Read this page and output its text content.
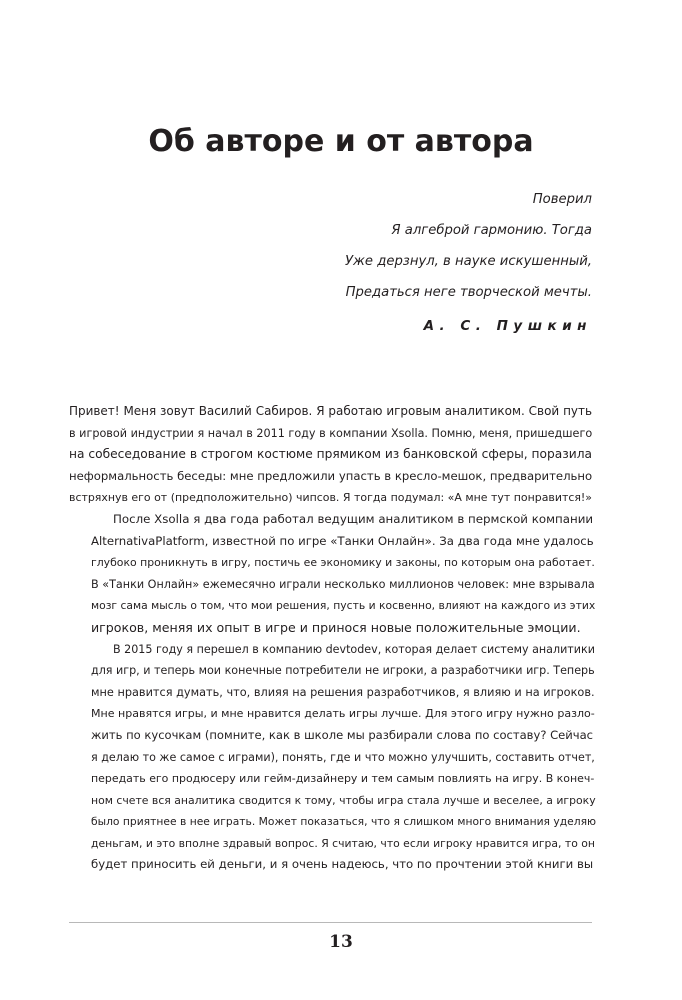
Об авторе и от автора
Поверил
Я алгеброй гармонию. Тогда
Уже дерзнул, в науке искушенный,
Предаться неге творческой мечты.
А. С. Пушкин
Привет! Меня зовут Василий Сабиров. Я работаю игровым аналитиком. Свой путь
в игровой индустрии я начал в 2011 году в компании Xsolla. Помню, меня, пришедшего
на собеседование в строгом костюме прямиком из банковской сферы, поразила
неформальность беседы: мне предложили упасть в кресло-мешок, предварительно
встряхнув его от (предположительно) чипсов. Я тогда подумал: «А мне тут понравится!»
После Xsolla я два года работал ведущим аналитиком в пермской компании
AlternativaPlatform, известной по игре «Танки Онлайн». За два года мне удалось
глубоко проникнуть в игру, постичь ее экономику и законы, по которым она работает.
В «Танки Онлайн» ежемесячно играли несколько миллионов человек: мне взрывала
мозг сама мысль о том, что мои решения, пусть и косвенно, влияют на каждого из этих
игроков, меняя их опыт в игре и принося новые положительные эмоции.
В 2015 году я перешел в компанию devtodev, которая делает систему аналитики
для игр, и теперь мои конечные потребители не игроки, а разработчики игр. Теперь
мне нравится думать, что, влияя на решения разработчиков, я влияю и на игроков.
Мне нравятся игры, и мне нравится делать игры лучше. Для этого игру нужно разло-
жить по кусочкам (помните, как в школе мы разбирали слова по составу? Сейчас
я делаю то же самое с играми), понять, где и что можно улучшить, составить отчет,
передать его продюсеру или гейм-дизайнеру и тем самым повлиять на игру. В конеч-
ном счете вся аналитика сводится к тому, чтобы игра стала лучше и веселее, а игроку
было приятнее в нее играть. Может показаться, что я слишком много внимания уделяю
деньгам, и это вполне здравый вопрос. Я считаю, что если игроку нравится игра, то он
будет приносить ей деньги, и я очень надеюсь, что по прочтении этой книги вы
13
